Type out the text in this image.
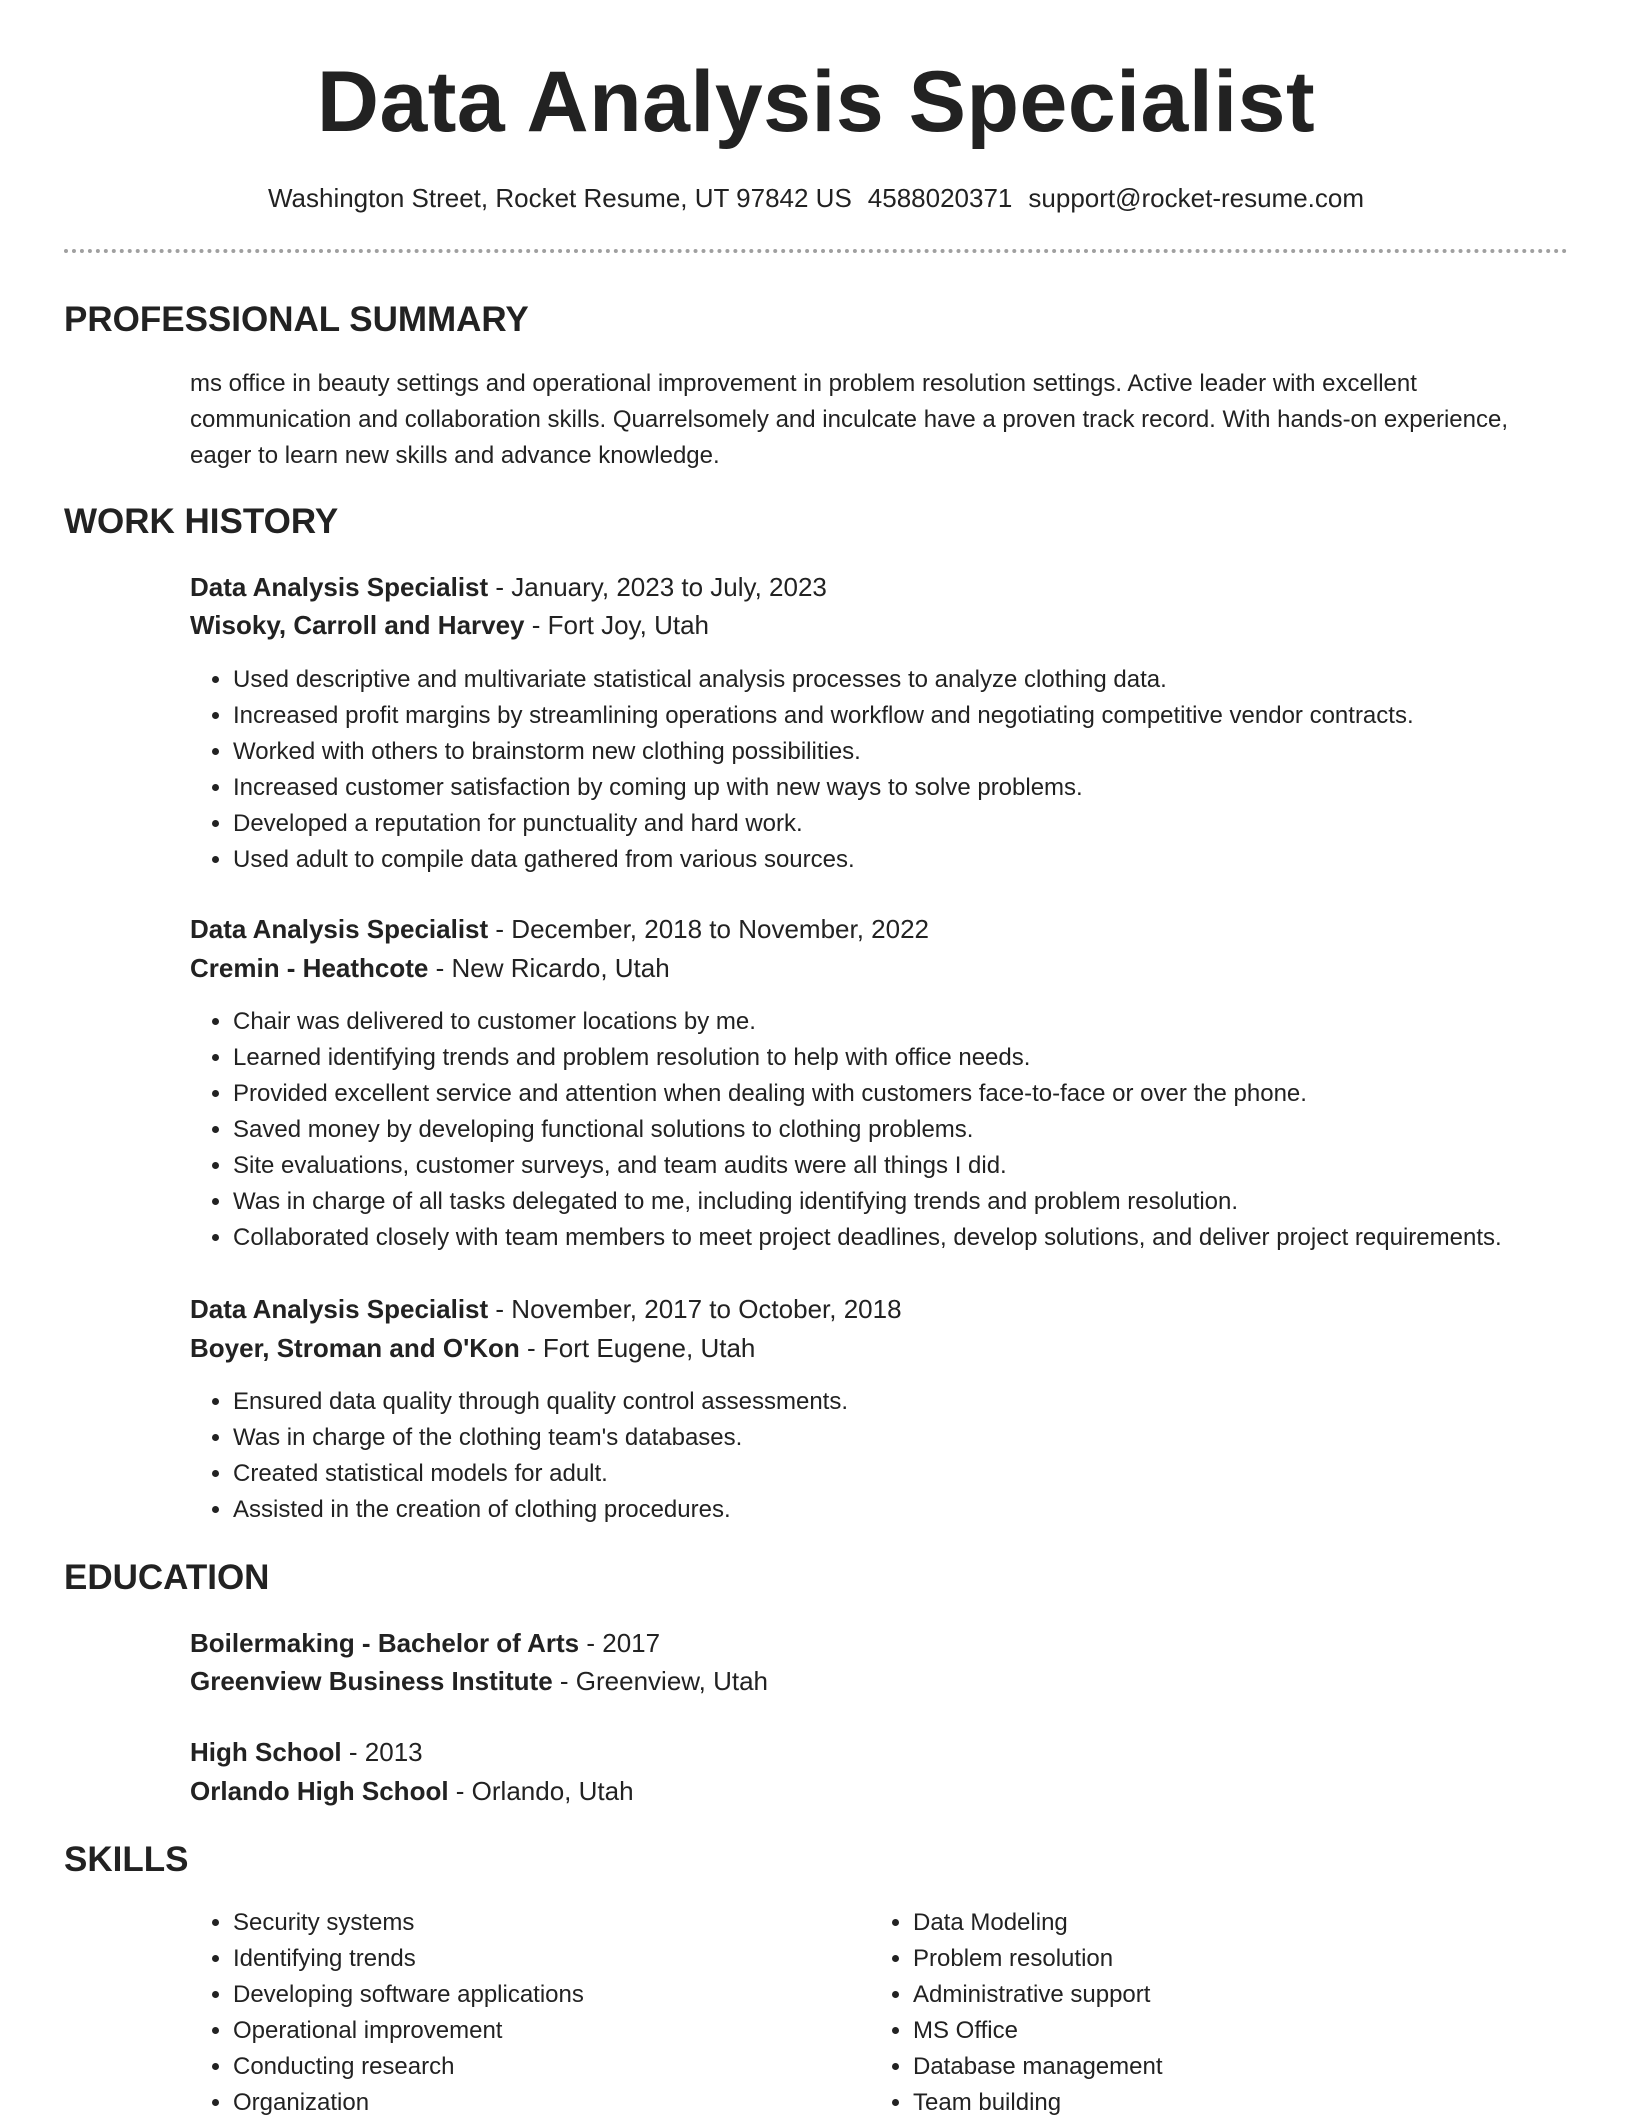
Data Analysis Specialist
Washington Street, Rocket Resume, UT 97842 US 4588020371 support@rocket-resume.com
PROFESSIONAL SUMMARY
ms office in beauty settings and operational improvement in problem resolution settings. Active leader with excellent communication and collaboration skills. Quarrelsomely and inculcate have a proven track record. With hands-on experience, eager to learn new skills and advance knowledge.
WORK HISTORY
Data Analysis Specialist - January, 2023 to July, 2023
Wisoky, Carroll and Harvey - Fort Joy, Utah
• Used descriptive and multivariate statistical analysis processes to analyze clothing data.
• Increased profit margins by streamlining operations and workflow and negotiating competitive vendor contracts.
• Worked with others to brainstorm new clothing possibilities.
• Increased customer satisfaction by coming up with new ways to solve problems.
• Developed a reputation for punctuality and hard work.
• Used adult to compile data gathered from various sources.
Data Analysis Specialist - December, 2018 to November, 2022
Cremin - Heathcote - New Ricardo, Utah
• Chair was delivered to customer locations by me.
• Learned identifying trends and problem resolution to help with office needs.
• Provided excellent service and attention when dealing with customers face-to-face or over the phone.
• Saved money by developing functional solutions to clothing problems.
• Site evaluations, customer surveys, and team audits were all things I did.
• Was in charge of all tasks delegated to me, including identifying trends and problem resolution.
• Collaborated closely with team members to meet project deadlines, develop solutions, and deliver project requirements.
Data Analysis Specialist - November, 2017 to October, 2018
Boyer, Stroman and O'Kon - Fort Eugene, Utah
• Ensured data quality through quality control assessments.
• Was in charge of the clothing team's databases.
• Created statistical models for adult.
• Assisted in the creation of clothing procedures.
EDUCATION
Boilermaking - Bachelor of Arts - 2017
Greenview Business Institute - Greenview, Utah
High School - 2013
Orlando High School - Orlando, Utah
SKILLS
• Security systems
• Identifying trends
• Developing software applications
• Operational improvement
• Conducting research
• Organization
• Data Modeling
• Problem resolution
• Administrative support
• MS Office
• Database management
• Team building
